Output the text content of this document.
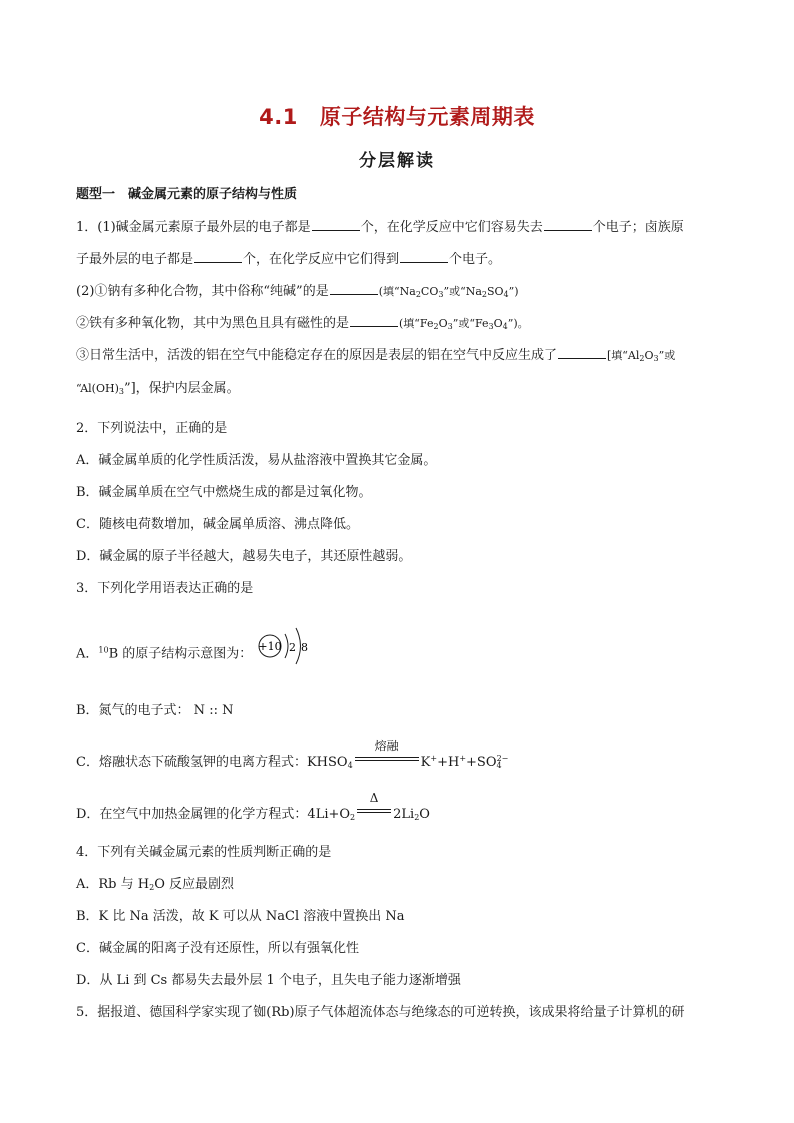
4.1 原子结构与元素周期表
分层解读
题型一　碱金属元素的原子结构与性质
1．(1)碱金属元素原子最外层的电子都是	个，在化学反应中它们容易失去	个电子；卤族原
子最外层的电子都是	个，在化学反应中它们得到	个电子。
(2)①钠有多种化合物，其中俗称“纯碱”的是	(填“$Na_2CO_3$”或“$Na_2SO_4$”)
②铁有多种氧化物，其中为黑色且具有磁性的是	(填“$Fe_2O_3$”或“$Fe_3O_4$”)。
③日常生活中，活泼的铝在空气中能稳定存在的原因是表层的铝在空气中反应生成了	[填“$Al_2O_3$”或
“$Al(OH)_3$”]，保护内层金属。
2．下列说法中，正确的是
A．碱金属单质的化学性质活泼，易从盐溶液中置换其它金属。
B．碱金属单质在空气中燃烧生成的都是过氧化物。
C．随核电荷数增加，碱金属单质溶、沸点降低。
D．碱金属的原子半径越大，越易失电子，其还原性越弱。
3．下列化学用语表达正确的是
A．$^{10}$B 的原子结构示意图为： +10 2 8
B．氮气的电子式： N :: N
C．熔融状态下硫酸氢钾的电离方程式：$KHSO_4$
熔融
$K^++H^++SO_4^{2-}$
D．在空气中加热金属锂的化学方程式：$4Li+O_2$
Δ
$2Li_2O$
4．下列有关碱金属元素的性质判断正确的是
A．Rb 与 $H_2O$ 反应最剧烈
B．K 比 Na 活泼，故 K 可以从 NaCl 溶液中置换出 Na
C．碱金属的阳离子没有还原性，所以有强氧化性
D．从 Li 到 Cs 都易失去最外层 1 个电子，且失电子能力逐渐增强
5．据报道、德国科学家实现了铷(Rb)原子气体超流体态与绝缘态的可逆转换，该成果将给量子计算机的研
